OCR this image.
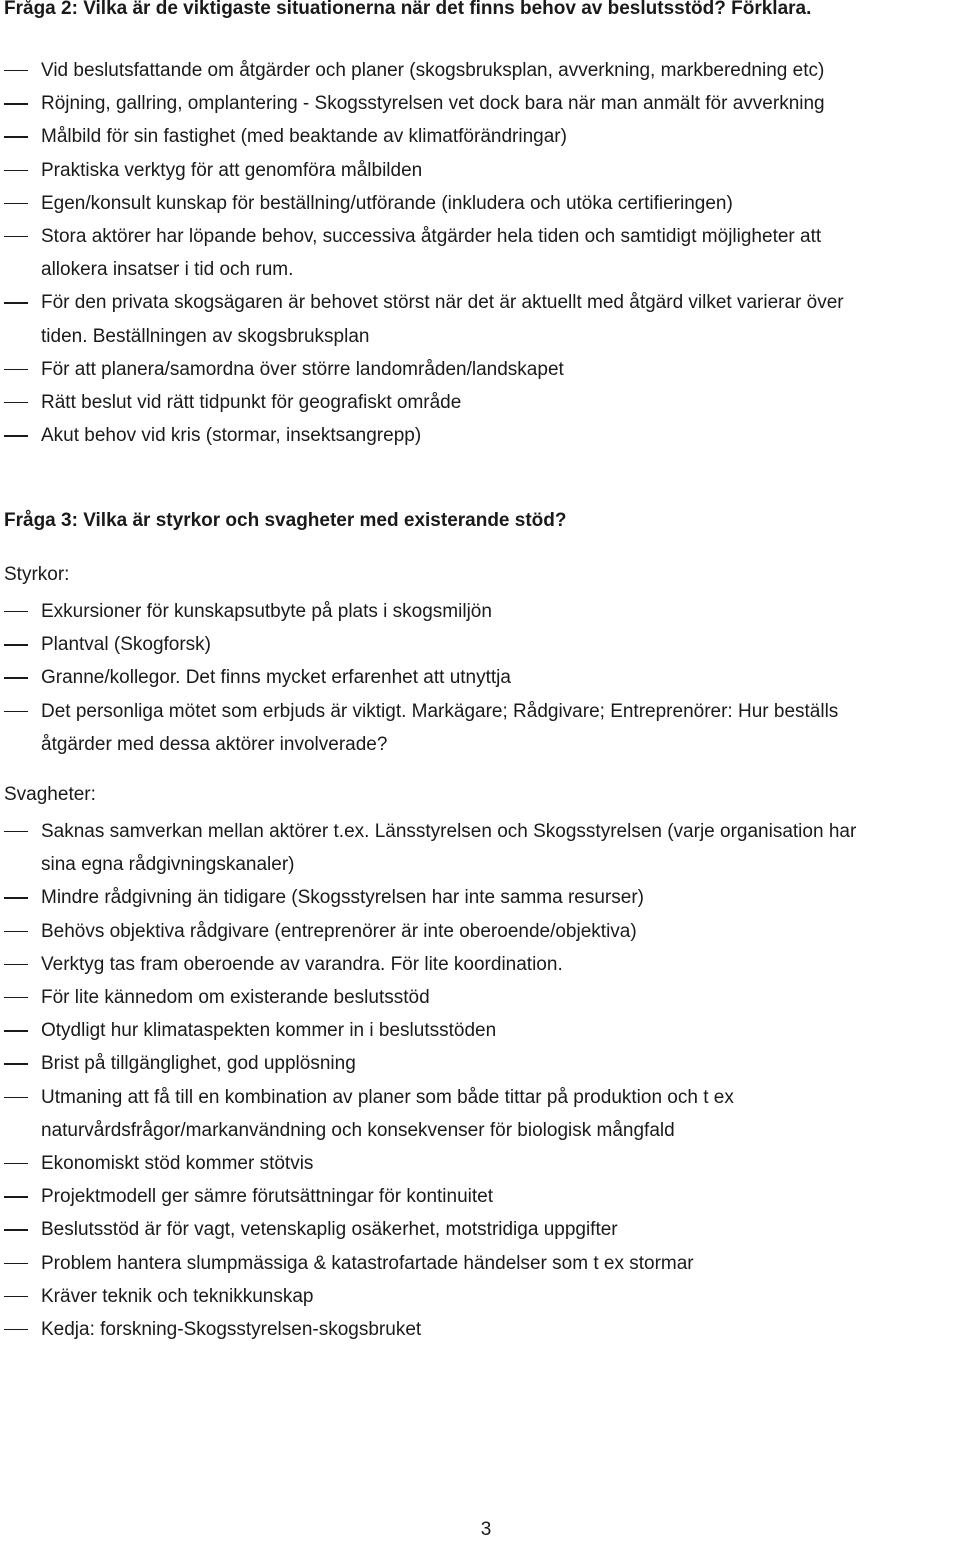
Fråga 2: Vilka är de viktigaste situationerna när det finns behov av beslutsstöd? Förklara.
Vid beslutsfattande om åtgärder och planer (skogsbruksplan, avverkning, markberedning etc)
Röjning, gallring, omplantering - Skogsstyrelsen vet dock bara när man anmält för avverkning
Målbild för sin fastighet (med beaktande av klimatförändringar)
Praktiska verktyg för att genomföra målbilden
Egen/konsult kunskap för beställning/utförande (inkludera och utöka certifieringen)
Stora aktörer har löpande behov, successiva åtgärder hela tiden och samtidigt möjligheter att
allokera insatser i tid och rum.
För den privata skogsägaren är behovet störst när det är aktuellt med åtgärd vilket varierar över
tiden. Beställningen av skogsbruksplan
För att planera/samordna över större landområden/landskapet
Rätt beslut vid rätt tidpunkt för geografiskt område
Akut behov vid kris (stormar, insektsangrepp)
Fråga 3: Vilka är styrkor och svagheter med existerande stöd?

Styrkor:

Exkursioner för kunskapsutbyte på plats i skogsmiljön
Plantval (Skogforsk)
Granne/kollegor. Det finns mycket erfarenhet att utnyttja
Det personliga mötet som erbjuds är viktigt. Markägare; Rådgivare; Entreprenörer: Hur beställs
åtgärder med dessa aktörer involverade?

Svagheter:

Saknas samverkan mellan aktörer t.ex. Länsstyrelsen och Skogsstyrelsen (varje organisation har
sina egna rådgivningskanaler)
Mindre rådgivning än tidigare (Skogsstyrelsen har inte samma resurser)
Behövs objektiva rådgivare (entreprenörer är inte oberoende/objektiva)
Verktyg tas fram oberoende av varandra. För lite koordination.
För lite kännedom om existerande beslutsstöd
Otydligt hur klimataspekten kommer in i beslutsstöden
Brist på tillgänglighet, god upplösning
Utmaning att få till en kombination av planer som både tittar på produktion och t ex
naturvårdsfrågor/markanvändning och konsekvenser för biologisk mångfald
Ekonomiskt stöd kommer stötvis
Projektmodell ger sämre förutsättningar för kontinuitet
Beslutsstöd är för vagt, vetenskaplig osäkerhet, motstridiga uppgifter
Problem hantera slumpmässiga & katastrofartade händelser som t ex stormar
Kräver teknik och teknikkunskap
Kedja: forskning-Skogsstyrelsen-skogsbruket
3
